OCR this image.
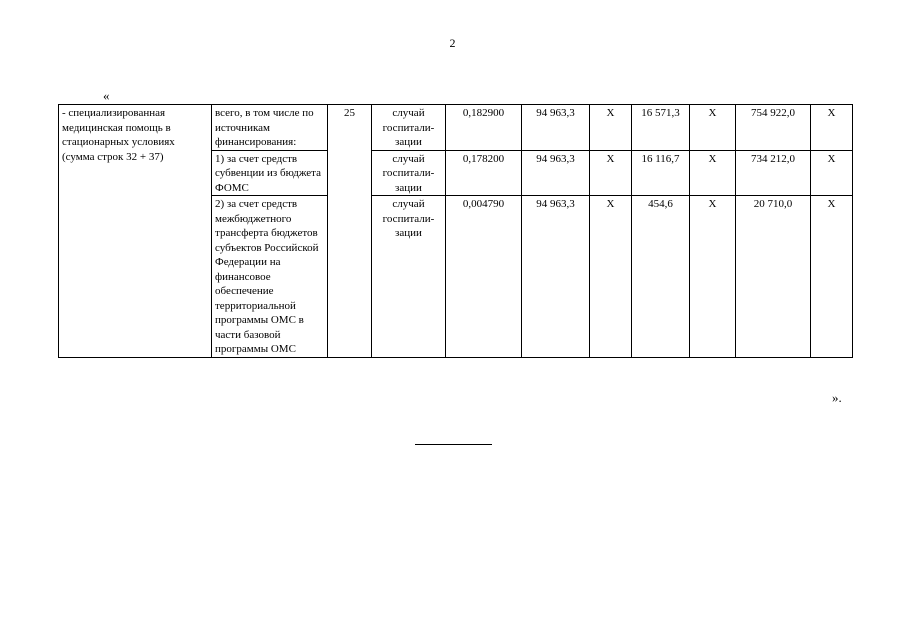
2
«
- специализированная медицинская помощь в стационарных условиях (сумма строк 32 + 37)	всего, в том числе по источникам финансирования:	25	случай госпитали-зации	0,182900	94 963,3	Х	16 571,3	Х	754 922,0	Х
	1) за счет средств субвенции из бюджета ФОМС		случай госпитали-зации	0,178200	94 963,3	Х	16 116,7	Х	734 212,0	Х
	2) за счет средств межбюджетного трансферта бюджетов субъектов Российской Федерации на финансовое обеспечение территориальной программы ОМС в части базовой программы ОМС		случай госпитали-зации	0,004790	94 963,3	Х	454,6	Х	20 710,0	Х
».
